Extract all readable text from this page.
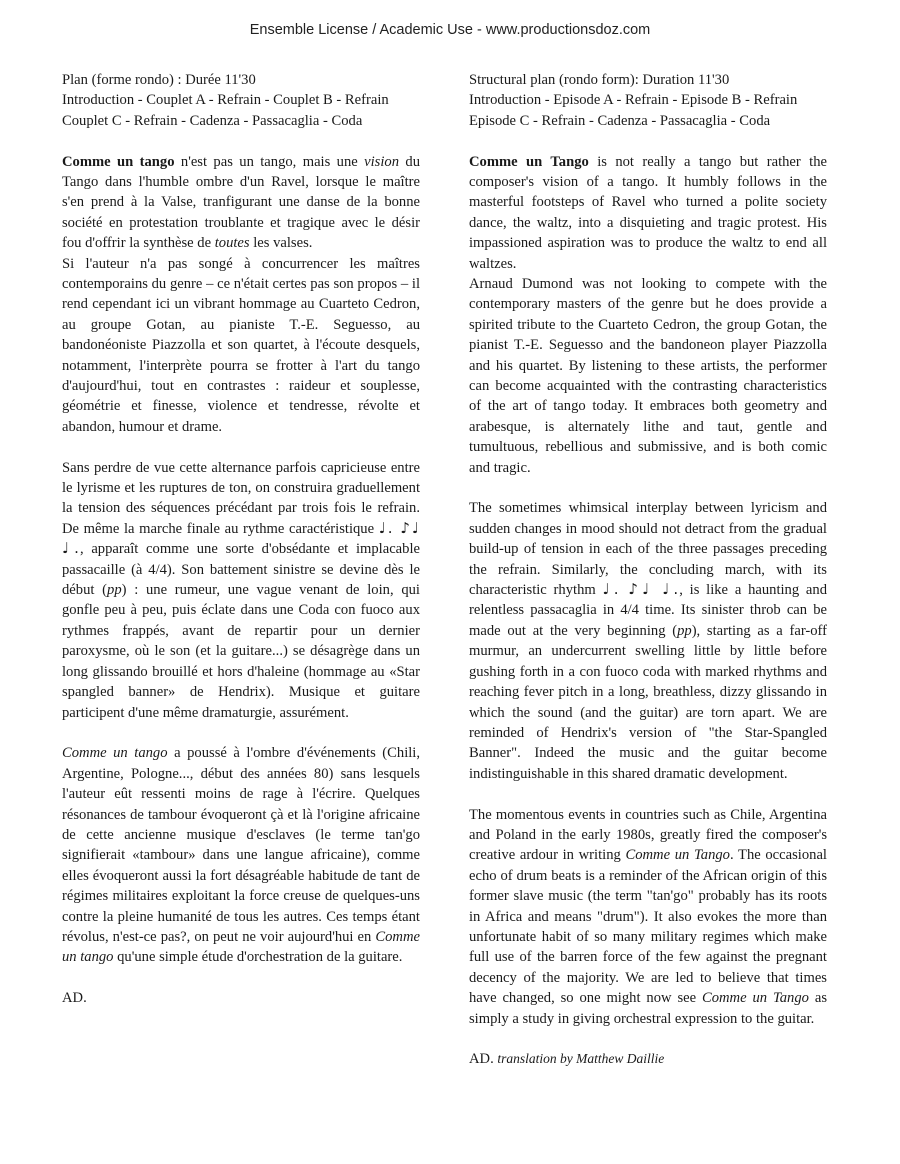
Ensemble License / Academic Use - www.productionsdoz.com
Plan (forme rondo) : Durée 11'30
Introduction - Couplet A - Refrain - Couplet B - Refrain
Couplet C - Refrain - Cadenza - Passacaglia - Coda

Comme un tango n'est pas un tango, mais une vision du Tango dans l'humble ombre d'un Ravel, lorsque le maître s'en prend à la Valse, tranfigurant une danse de la bonne société en protestation troublante et tragique avec le désir fou d'offrir la synthèse de toutes les valses.

Si l'auteur n'a pas songé à concurrencer les maîtres contemporains du genre – ce n'était certes pas son propos – il rend cependant ici un vibrant hommage au Cuarteto Cedron, au groupe Gotan, au pianiste T.-E. Seguesso, au bandonéoniste Piazzolla et son quartet, à l'écoute desquels, notamment, l'interprète pourra se frotter à l'art du tango d'aujourd'hui, tout en contrastes : raideur et souplesse, géométrie et finesse, violence et tendresse, révolte et abandon, humour et drame.

Sans perdre de vue cette alternance parfois capricieuse entre le lyrisme et les ruptures de ton, on construira graduellement la tension des séquences précédant par trois fois le refrain. De même la marche finale au rythme caractéristique ♩. ♪♩ ♩., apparaît comme une sorte d'obsédante et implacable passacaille (à 4/4). Son battement sinistre se devine dès le début (pp) : une rumeur, une vague venant de loin, qui gonfle peu à peu, puis éclate dans une Coda con fuoco aux rythmes frappés, avant de repartir pour un dernier paroxysme, où le son (et la guitare...) se désagrège dans un long glissando brouillé et hors d'haleine (hommage au «Star spangled banner» de Hendrix). Musique et guitare participent d'une même dramaturgie, assurément.

Comme un tango a poussé à l'ombre d'événements (Chili, Argentine, Pologne..., début des années 80) sans lesquels l'auteur eût ressenti moins de rage à l'écrire. Quelques résonances de tambour évoqueront çà et là l'origine africaine de cette ancienne musique d'esclaves (le terme tan'go signifierait «tambour» dans une langue africaine), comme elles évoqueront aussi la fort désagréable habitude de tant de régimes militaires exploitant la force creuse de quelques-uns contre la pleine humanité de tous les autres. Ces temps étant révolus, n'est-ce pas?, on peut ne voir aujourd'hui en Comme un tango qu'une simple étude d'orchestration de la guitare.

AD.
Structural plan (rondo form): Duration 11'30
Introduction - Episode A - Refrain - Episode B - Refrain
Episode C - Refrain - Cadenza - Passacaglia - Coda

Comme un Tango is not really a tango but rather the composer's vision of a tango. It humbly follows in the masterful footsteps of Ravel who turned a polite society dance, the waltz, into a disquieting and tragic protest. His impassioned aspiration was to produce the waltz to end all waltzes.

Arnaud Dumond was not looking to compete with the contemporary masters of the genre but he does provide a spirited tribute to the Cuarteto Cedron, the group Gotan, the pianist T.-E. Seguesso and the bandoneon player Piazzolla and his quartet. By listening to these artists, the performer can become acquainted with the contrasting characteristics of the art of tango today. It embraces both geometry and arabesque, is alternately lithe and taut, gentle and tumultuous, rebellious and submissive, and is both comic and tragic.

The sometimes whimsical interplay between lyricism and sudden changes in mood should not detract from the gradual build-up of tension in each of the three passages preceding the refrain. Similarly, the concluding march, with its characteristic rhythm ♩. ♪♩ ♩., is like a haunting and relentless passacaglia in 4/4 time. Its sinister throb can be made out at the very beginning (pp), starting as a far-off murmur, an undercurrent swelling little by little before gushing forth in a con fuoco coda with marked rhythms and reaching fever pitch in a long, breathless, dizzy glissando in which the sound (and the guitar) are torn apart. We are reminded of Hendrix's version of "the Star-Spangled Banner". Indeed the music and the guitar become indistinguishable in this shared dramatic development.

The momentous events in countries such as Chile, Argentina and Poland in the early 1980s, greatly fired the composer's creative ardour in writing Comme un Tango. The occasional echo of drum beats is a reminder of the African origin of this former slave music (the term "tan'go" probably has its roots in Africa and means "drum"). It also evokes the more than unfortunate habit of so many military regimes which make full use of the barren force of the few against the pregnant decency of the majority. We are led to believe that times have changed, so one might now see Comme un Tango as simply a study in giving orchestral expression to the guitar.

AD. translation by Matthew Daillie
